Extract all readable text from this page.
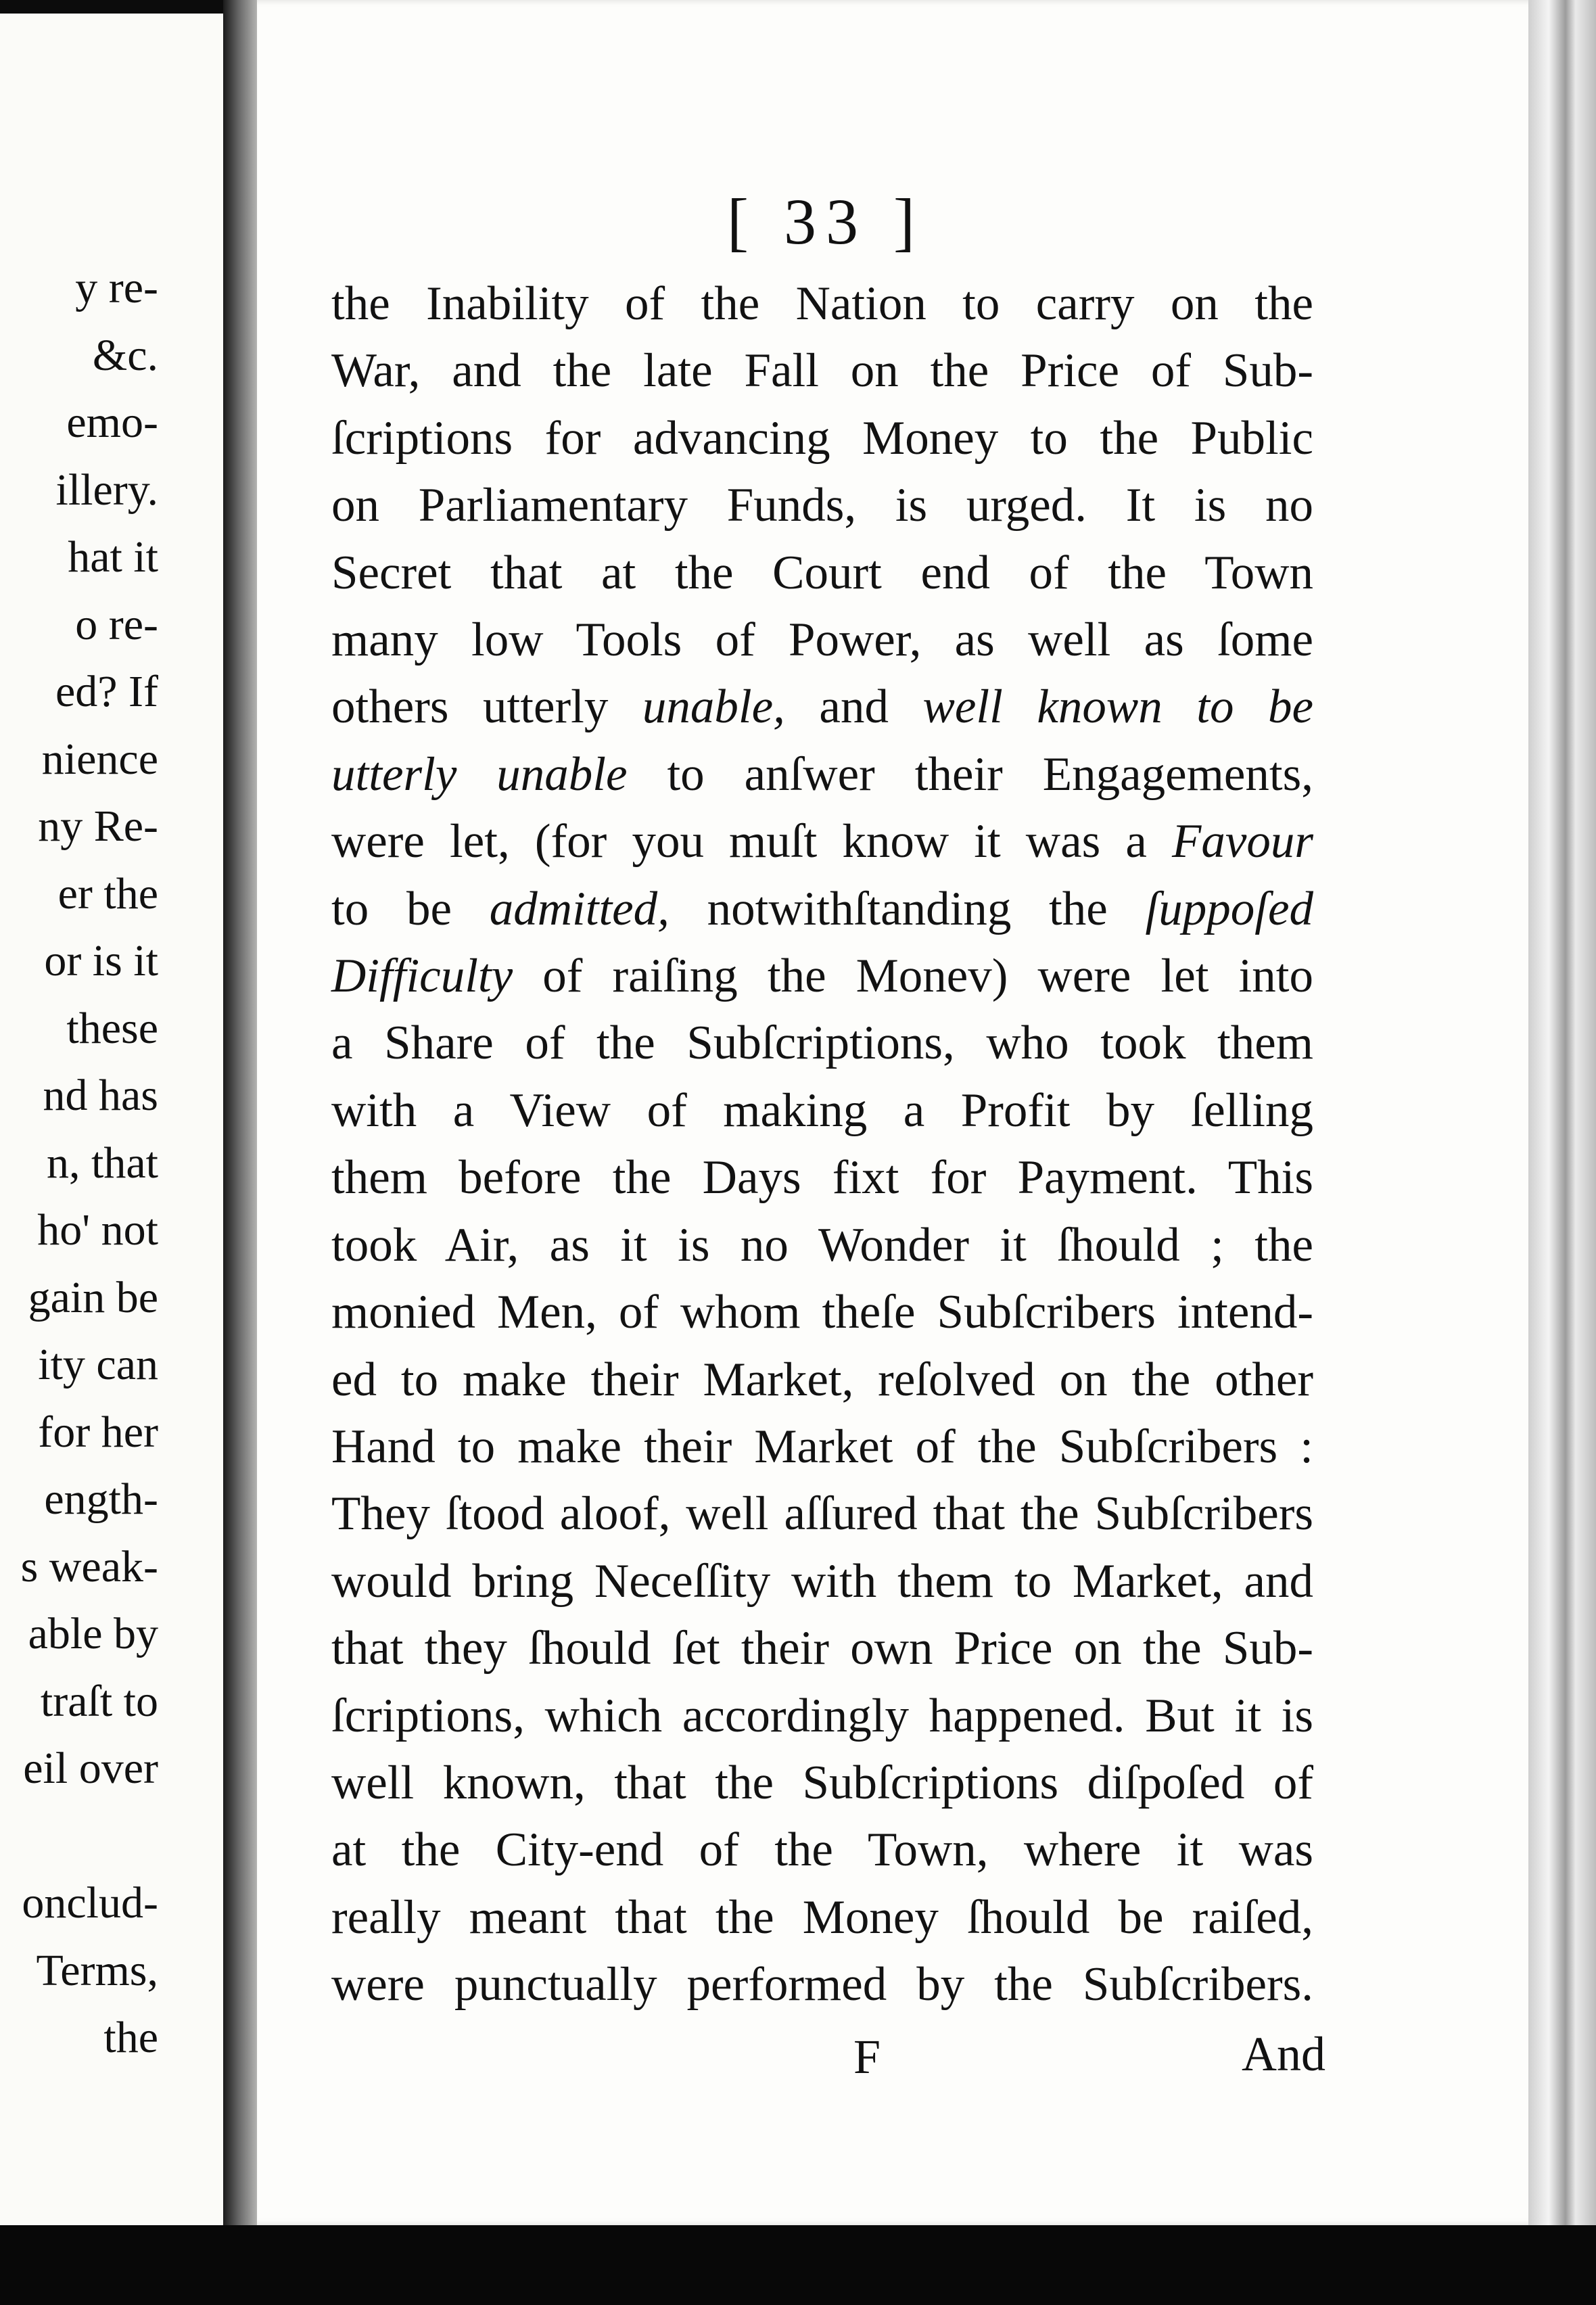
y re-
&c.
emo-
illery.
hat it
o re-
ed? If
nience
ny Re-
er the
or is it
these
nd has
n, that
ho' not
gain be
ity can
for her
ength-
s weak-
able by
traſt to
eil over
onclud-
Terms,
the
[ 33 ]
the Inability of the Nation to carry on the
War, and the late Fall on the Price of Sub-
ſcriptions for advancing Money to the Public
on Parliamentary Funds, is urged. It is no
Secret that at the Court end of the Town
many low Tools of Power, as well as ſome
others utterly unable, and well known to be
utterly unable to anſwer their Engagements,
were let, (for you muſt know it was a Favour
to be admitted, notwithſtanding the ſuppoſed
Difficulty of raiſing the Monev) were let into
a Share of the Subſcriptions, who took them
with a View of making a Profit by ſelling
them before the Days fixt for Payment. This
took Air, as it is no Wonder it ſhould ; the
monied Men, of whom theſe Subſcribers intend-
ed to make their Market, reſolved on the other
Hand to make their Market of the Subſcribers :
They ſtood aloof, well aſſured that the Subſcribers
would bring Neceſſity with them to Market, and
that they ſhould ſet their own Price on the Sub-
ſcriptions, which accordingly happened. But it is
well known, that the Subſcriptions diſpoſed of
at the City-end of the Town, where it was
really meant that the Money ſhould be raiſed,
were punctually performed by the Subſcribers.
F	And
